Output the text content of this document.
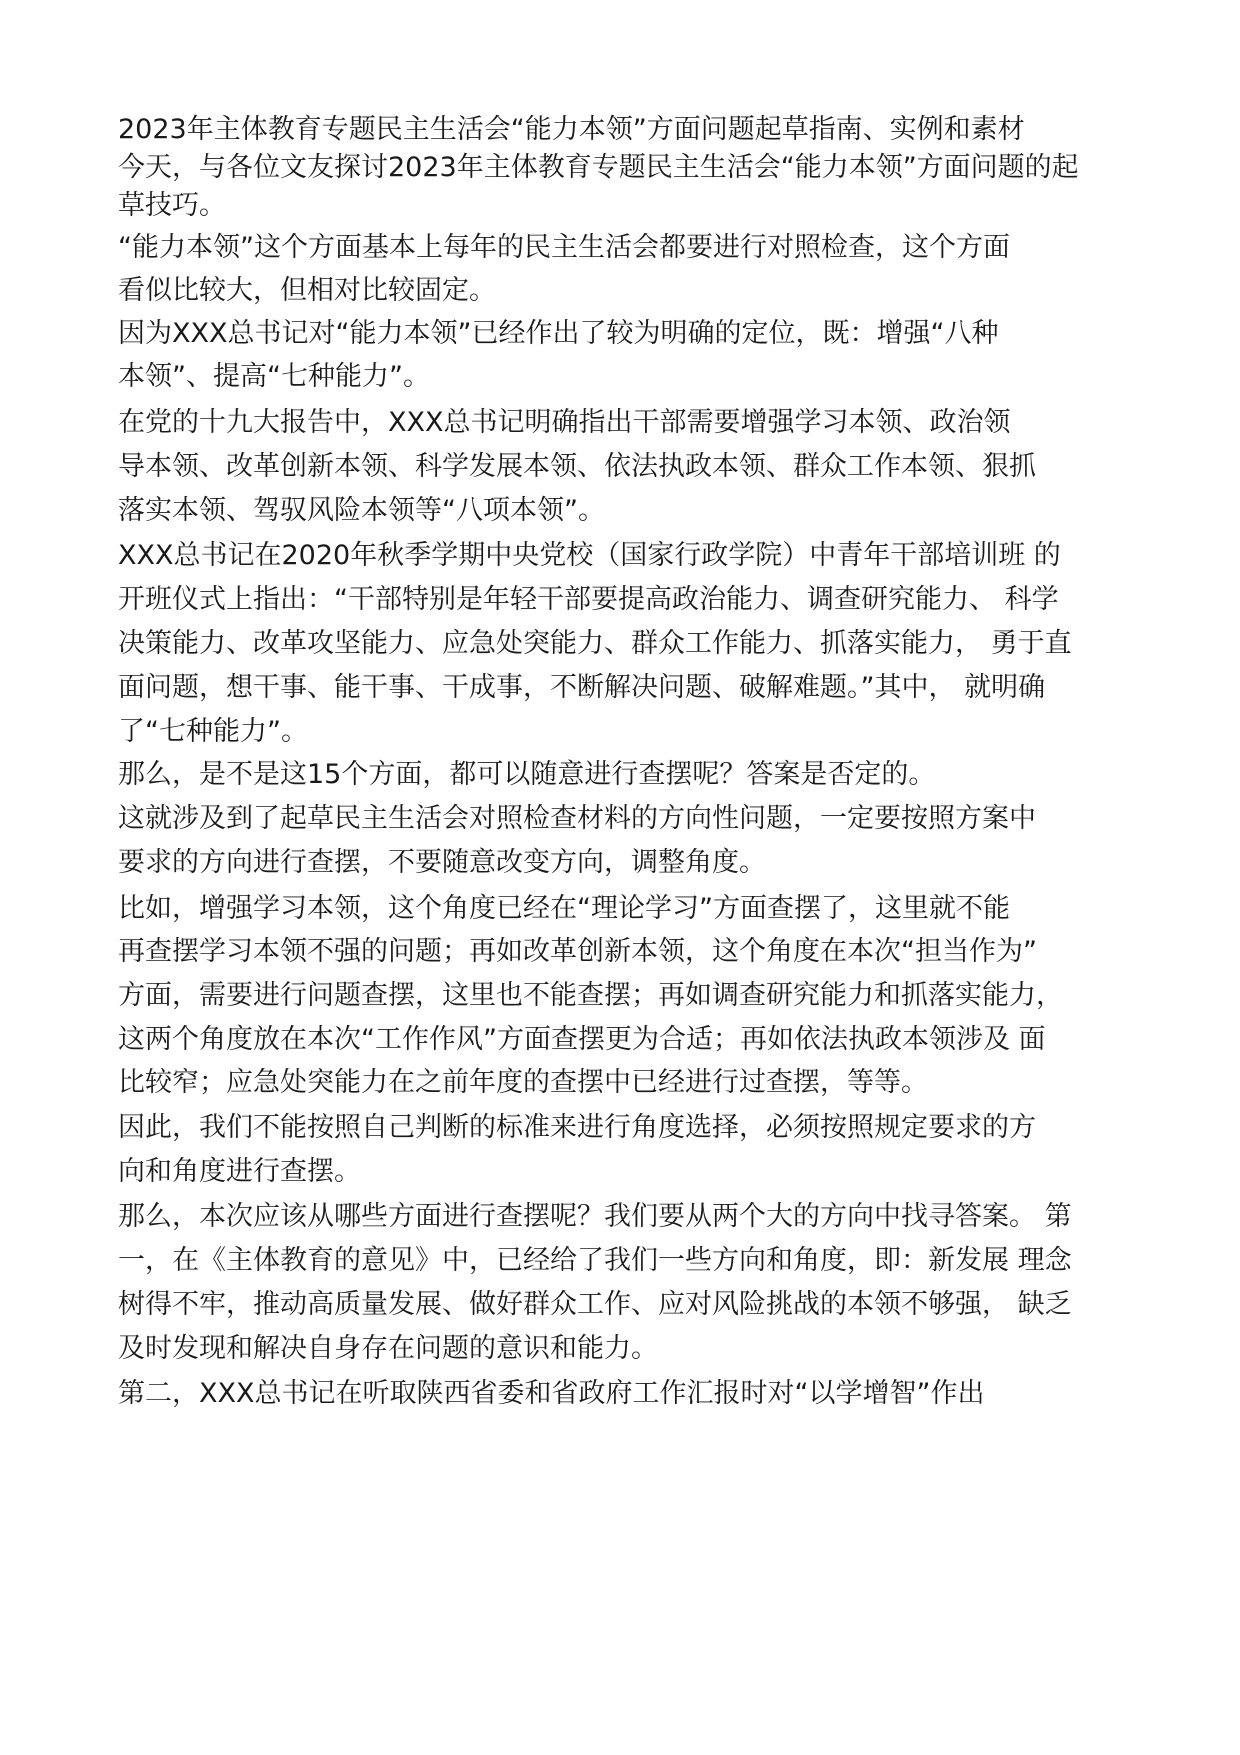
2023年主体教育专题民主生活会“能力本领”方面问题起草指南、实例和素材

今天，与各位文友探讨2023年主体教育专题民主生活会“能力本领”方面问题的起

草技巧。

“能力本领”这个方面基本上每年的民主生活会都要进行对照检查，这个方面

看似比较大，但相对比较固定。

因为XXX总书记对“能力本领”已经作出了较为明确的定位，既：增强“八种

本领”、提高“七种能力”。

在党的十九大报告中，XXX总书记明确指出干部需要增强学习本领、政治领

导本领、改革创新本领、科学发展本领、依法执政本领、群众工作本领、狠抓

落实本领、驾驭风险本领等“八项本领”。

XXX总书记在2020年秋季学期中央党校（国家行政学院）中青年干部培训班 的

开班仪式上指出：“干部特别是年轻干部要提高政治能力、调查研究能力、 科学

决策能力、改革攻坚能力、应急处突能力、群众工作能力、抓落实能力， 勇于直

面问题，想干事、能干事、干成事，不断解决问题、破解难题。”其中， 就明确

了“七种能力”。

那么，是不是这15个方面，都可以随意进行查摆呢？答案是否定的。

这就涉及到了起草民主生活会对照检查材料的方向性问题，一定要按照方案中

要求的方向进行查摆，不要随意改变方向，调整角度。

比如，增强学习本领，这个角度已经在“理论学习”方面查摆了，这里就不能

再查摆学习本领不强的问题；再如改革创新本领，这个角度在本次“担当作为”

方面，需要进行问题查摆，这里也不能查摆；再如调查研究能力和抓落实能力，

这两个角度放在本次“工作作风”方面查摆更为合适；再如依法执政本领涉及 面

比较窄；应急处突能力在之前年度的查摆中已经进行过查摆，等等。

因此，我们不能按照自己判断的标准来进行角度选择，必须按照规定要求的方

向和角度进行查摆。

那么，本次应该从哪些方面进行查摆呢？我们要从两个大的方向中找寻答案。 第

一，在《主体教育的意见》中，已经给了我们一些方向和角度，即：新发展 理念

树得不牢，推动高质量发展、做好群众工作、应对风险挑战的本领不够强， 缺乏

及时发现和解决自身存在问题的意识和能力。

第二，XXX总书记在听取陕西省委和省政府工作汇报时对“以学增智”作出
